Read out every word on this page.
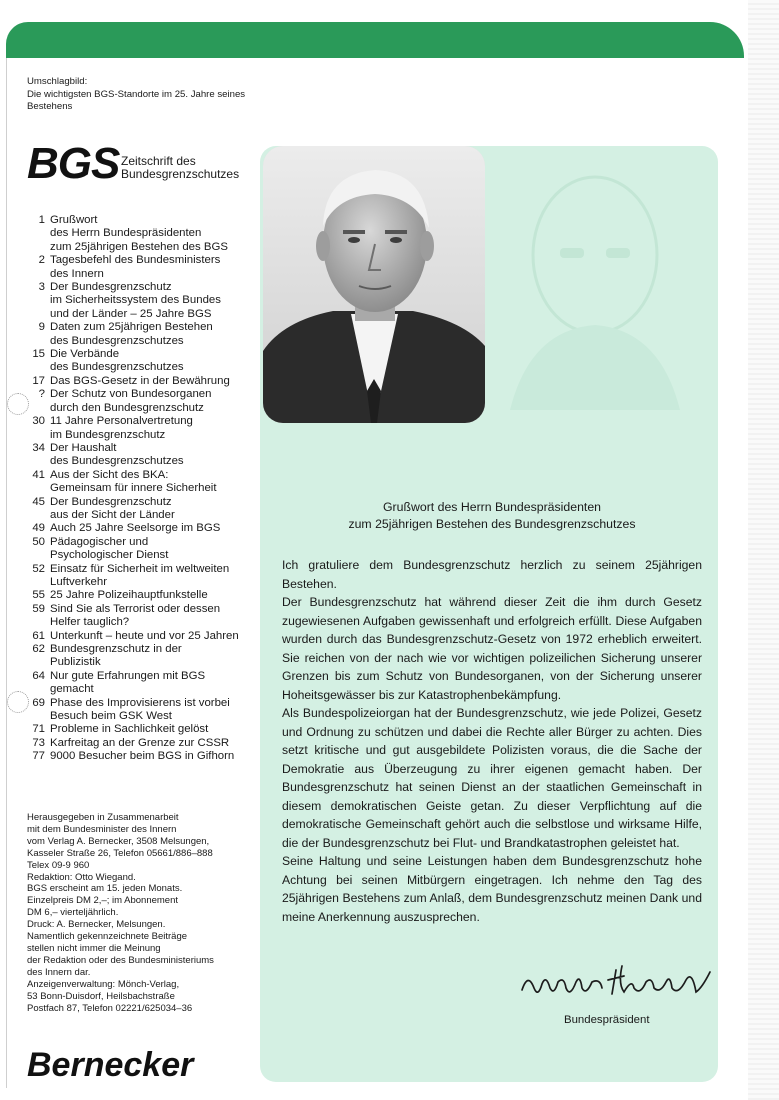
Umschlagbild:
Die wichtigsten BGS-Standorte im 25. Jahre seines Bestehens
BGS Zeitschrift des
Bundesgrenzschutzes
1 Grußwort
des Herrn Bundespräsidenten
zum 25jährigen Bestehen des BGS
2 Tagesbefehl des Bundesministers
des Innern
3 Der Bundesgrenzschutz
im Sicherheitssystem des Bundes
und der Länder – 25 Jahre BGS
9 Daten zum 25jährigen Bestehen
des Bundesgrenzschutzes
15 Die Verbände
des Bundesgrenzschutzes
17 Das BGS-Gesetz in der Bewährung
? Der Schutz von Bundesorganen
durch den Bundesgrenzschutz
30 11 Jahre Personalvertretung
im Bundesgrenzschutz
34 Der Haushalt
des Bundesgrenzschutzes
41 Aus der Sicht des BKA:
Gemeinsam für innere Sicherheit
45 Der Bundesgrenzschutz
aus der Sicht der Länder
49 Auch 25 Jahre Seelsorge im BGS
50 Pädagogischer und
Psychologischer Dienst
52 Einsatz für Sicherheit im weltweiten
Luftverkehr
55 25 Jahre Polizeihauptfunkstelle
59 Sind Sie als Terrorist oder dessen
Helfer tauglich?
61 Unterkunft – heute und vor 25 Jahren
62 Bundesgrenzschutz in der
Publizistik
64 Nur gute Erfahrungen mit BGS
gemacht
69 Phase des Improvisierens ist vorbei
Besuch beim GSK West
71 Probleme in Sachlichkeit gelöst
73 Karfreitag an der Grenze zur CSSR
77 9000 Besucher beim BGS in Gifhorn
Herausgegeben in Zusammenarbeit
mit dem Bundesminister des Innern
vom Verlag A. Bernecker, 3508 Melsungen,
Kasseler Straße 26, Telefon 05661/886–888
Telex 09-9 960
Redaktion: Otto Wiegand.
BGS erscheint am 15. jeden Monats.
Einzelpreis DM 2,–; im Abonnement
DM 6,– vierteljährlich.
Druck: A. Bernecker, Melsungen.
Namentlich gekennzeichnete Beiträge
stellen nicht immer die Meinung
der Redaktion oder des Bundesministeriums
des Innern dar.
Anzeigenverwaltung: Mönch-Verlag,
53 Bonn-Duisdorf, Heilsbachstraße
Postfach 87, Telefon 02221/625034–36
Bernecker
Grußwort des Herrn Bundespräsidenten
zum 25jährigen Bestehen des Bundesgrenzschutzes

Ich gratuliere dem Bundesgrenzschutz herzlich zu seinem 25jährigen Bestehen.

Der Bundesgrenzschutz hat während dieser Zeit die ihm durch Gesetz zugewiesenen Aufgaben gewissenhaft und erfolgreich erfüllt. Diese Aufgaben wurden durch das Bundesgrenzschutz-Gesetz von 1972 erheblich erweitert. Sie reichen von der nach wie vor wichtigen polizeilichen Sicherung unserer Grenzen bis zum Schutz von Bundesorganen, von der Sicherung unserer Hoheitsgewässer bis zur Katastrophenbekämpfung.

Als Bundespolizeiorgan hat der Bundesgrenzschutz, wie jede Polizei, Gesetz und Ordnung zu schützen und dabei die Rechte aller Bürger zu achten. Dies setzt kritische und gut ausgebildete Polizisten voraus, die die Sache der Demokratie aus Überzeugung zu ihrer eigenen gemacht haben. Der Bundesgrenzschutz hat seinen Dienst an der staatlichen Gemeinschaft in diesem demokratischen Geiste getan. Zu dieser Verpflichtung auf die demokratische Gemeinschaft gehört auch die selbstlose und wirksame Hilfe, die der Bundesgrenzschutz bei Flut- und Brandkatastrophen geleistet hat.

Seine Haltung und seine Leistungen haben dem Bundesgrenzschutz hohe Achtung bei seinen Mitbürgern eingetragen. Ich nehme den Tag des 25jährigen Bestehens zum Anlaß, dem Bundesgrenzschutz meinen Dank und meine Anerkennung auszusprechen.

Bundespräsident
